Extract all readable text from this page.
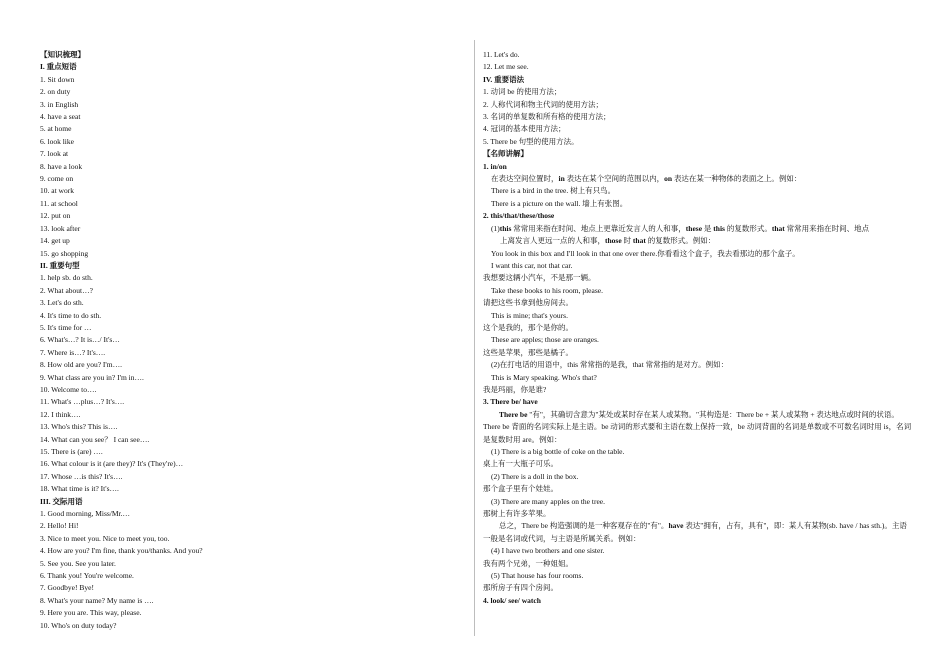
【知识梳理】
I. 重点短语
1. Sit down
2. on duty
3. in English
4. have a seat
5. at home
6. look like
7. look at
8. have a look
9. come on
10. at work
11. at school
12. put on
13. look after
14. get up
15. go shopping
II. 重要句型
1. help sb. do sth.
2. What about…?
3. Let's do sth.
4. It's time to do sth.
5. It's time for …
6. What's…? It is…/ It's…
7. Where is…? It's….
8. How old are you? I'm….
9. What class are you in? I'm in….
10. Welcome to….
11. What's …plus…? It's….
12. I think….
13. Who's this? This is….
14. What can you see？ I can see….
15. There is (are) ….
16. What colour is it (are they)? It's (They're)…
17. Whose …is this? It's….
18. What time is it? It's….
III. 交际用语
1. Good morning, Miss/Mr.…
2. Hello! Hi!
3. Nice to meet you. Nice to meet you, too.
4. How are you? I'm fine, thank you/thanks. And you?
5. See you. See you later.
6. Thank you! You're welcome.
7. Goodbye! Bye!
8. What's your name? My name is ….
9. Here you are. This way, please.
10. Who's on duty today?
11. Let's do.
12. Let me see.
IV. 重要语法
1. 动词 be 的使用方法；
2. 人称代词和物主代词的使用方法；
3. 名词的单复数和所有格的使用方法；
4. 冠词的基本使用方法；
5. There be 句型的使用方法。
【名师讲解】
1. in/on
在表达空间位置时，in 表达在某个空间的范围以内，on 表达在某一种物体的表面之上。例如：
There is a bird in the tree. 树上有只鸟。
There is a picture on the wall. 墙上有张图。
2. this/that/these/those
(1)this 常常用来指在时间、地点上更靠近发言人的人和事，these 是 this 的复数形式。that 常常用来指在时间、地点
上离发言人更远一点的人和事，those 时 that 的复数形式。例如：
You look in this box and I'll look in that one over there.你看看这个盒子，我去看那边的那个盒子。
I want this car, not that car.
我想要这辆小汽车，不是那一辆。
Take these books to his room, please.
请把这些书拿到他房间去。
This is mine; that's yours.
这个是我的，那个是你的。
These are apples; those are oranges.
这些是苹果，那些是橘子。
(2)在打电话的用语中，this 常常指的是我，that 常常指的是对方。例如：
This is Mary speaking. Who's that?
我是玛丽，你是谁?
3. There be/ have
There be "有"，其确切含意为"某处或某时存在某人或某物。"其构造是：There be + 某人或某物 + 表达地点或时间的状语。There be 背面的名词实际上是主语。be 动词的形式要和主语在数上保持一致，be 动词背面的名词是单数或不可数名词时用 is，名词是复数时用 are。例如：
(1) There is a big bottle of coke on the table.
桌上有一大瓶子可乐。
(2) There is a doll in the box.
那个盒子里有个娃娃。
(3) There are many apples on the tree.
那树上有许多苹果。
总之，There be 构造强调的是一种客观存在的"有"。have 表达"拥有，占有，具有"，即：某人有某物(sb. have / has sth.)。主语一般是名词或代词，与主语是所属关系。例如：
(4) I have two brothers and one sister.
我有两个兄弟，一种姐姐。
(5) That house has four rooms.
那所房子有四个房间。
4. look/ see/ watch
